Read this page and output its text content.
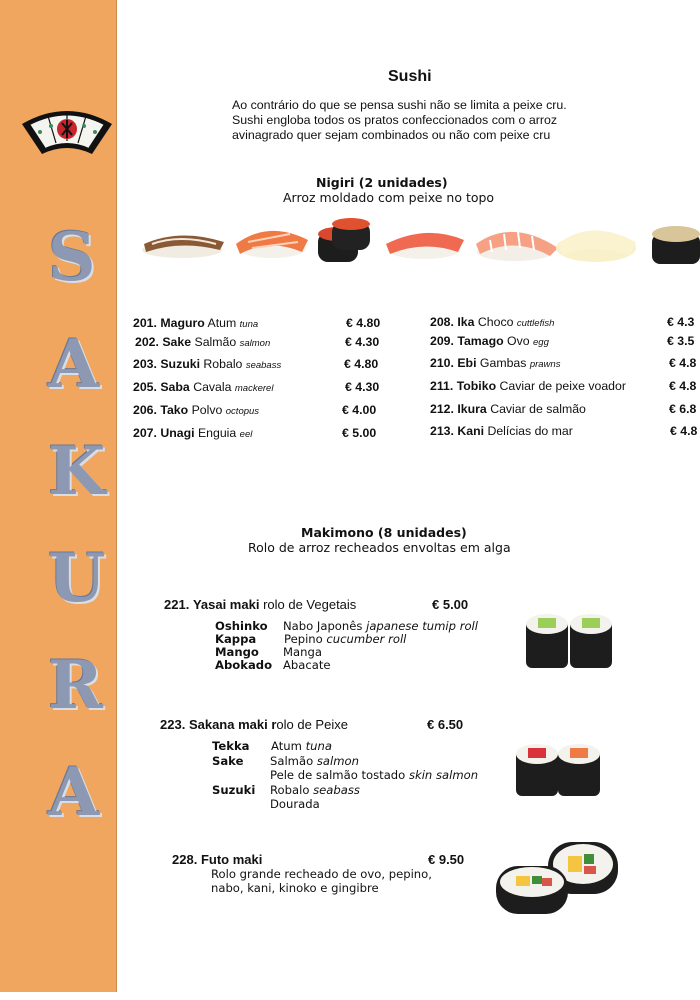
S
A
K
U
R
A
Sushi
Ao contrário do que se pensa sushi não se limita a peixe cru.
Sushi engloba todos os pratos confeccionados com o arroz
avinagrado quer sejam combinados ou não com peixe cru
Nigiri (2 unidades)
Arroz moldado com peixe no topo
201. Maguro Atum tuna	€ 4.80
202. Sake Salmão salmon	€ 4.30
203. Suzuki Robalo seabass	€ 4.80
205. Saba Cavala mackerel	€ 4.30
206. Tako Polvo octopus	€ 4.00
207. Unagi Enguia eel	€ 5.00
208. Ika Choco cuttlefish	€ 4.3
209. Tamago Ovo egg	€ 3.5
210. Ebi Gambas prawns	€ 4.8
211. Tobiko Caviar de peixe voador	€ 4.8
212. Ikura Caviar de salmão	€ 6.8
213. Kani Delícias do mar	€ 4.8
Makimono (8 unidades)
Rolo de arroz recheados envoltas em alga
221. Yasai maki rolo de Vegetais	€ 5.00
Oshinko Nabo Japonês japanese tumip roll
Kappa Pepino cucumber roll
Mango Manga
Abokado Abacate
223. Sakana maki rolo de Peixe	€ 6.50
Tekka Atum tuna
Sake Salmão salmon
Pele de salmão tostado skin salmon
Suzuki Robalo seabass
Dourada
228. Futo maki	€ 9.50
Rolo grande recheado de ovo, pepino,
nabo, kani, kinoko e gingibre
